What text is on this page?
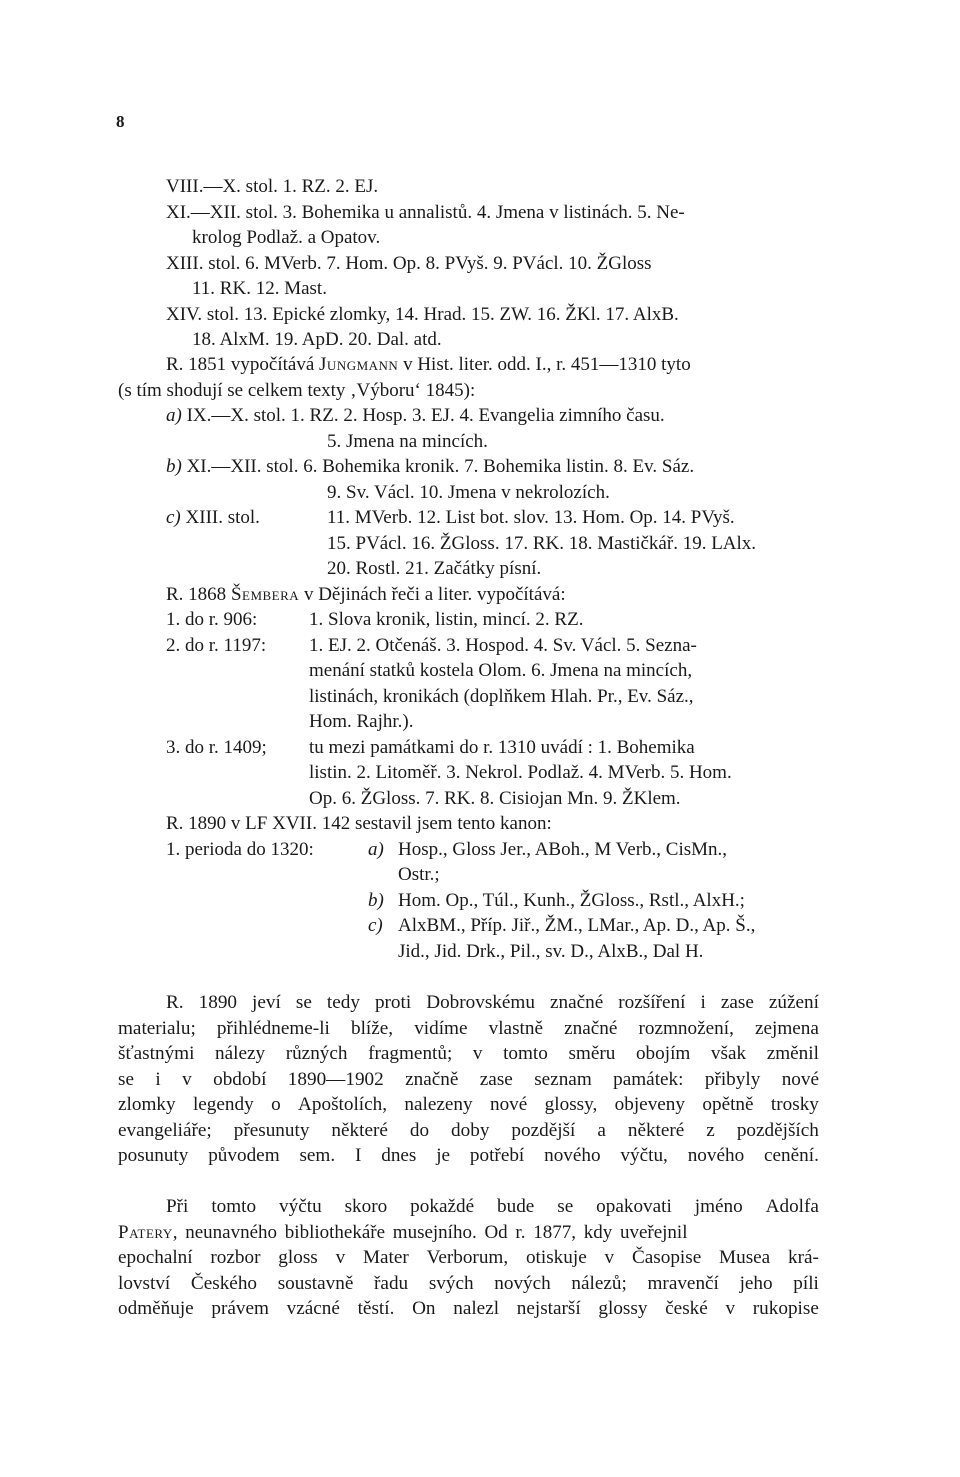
8
VIII.—X. stol. 1. RZ. 2. EJ.
XI.—XII. stol. 3. Bohemika u annalistů. 4. Jmena v listinách. 5. Ne-
krolog Podlaž. a Opatov.
XIII. stol. 6. MVerb. 7. Hom. Op. 8. PVyš. 9. PVácl. 10. ŽGloss
11. RK. 12. Mast.
XIV. stol. 13. Epické zlomky, 14. Hrad. 15. ZW. 16. ŽKl. 17. AlxB.
18. AlxM. 19. ApD. 20. Dal. atd.
R. 1851 vypočítává Jungmann v Hist. liter. odd. I., r. 451—1310 tyto
(s tím shodují se celkem texty ‚Výboru‘ 1845):
a) IX.—X. stol. 1. RZ. 2. Hosp. 3. EJ. 4. Evangelia zimního času.
5. Jmena na mincích.
b) XI.—XII. stol. 6. Bohemika kronik. 7. Bohemika listin. 8. Ev. Sáz.
9. Sv. Václ. 10. Jmena v nekrolozích.
c) XIII. stol.	11. MVerb. 12. List bot. slov. 13. Hom. Op. 14. PVyš.
15. PVácl. 16. ŽGloss. 17. RK. 18. Mastičkář. 19. LAlx.
20. Rostl. 21. Začátky písní.
R. 1868 Šembera v Dějinách řeči a liter. vypočítává:
1. do r. 906:	1. Slova kronik, listin, mincí. 2. RZ.
2. do r. 1197: 1. EJ. 2. Otčenáš. 3. Hospod. 4. Sv. Václ. 5. Sezna-
menání statků kostela Olom. 6. Jmena na mincích,
listinách, kronikách (doplňkem Hlah. Pr., Ev. Sáz.,
Hom. Rajhr.).
3. do r. 1409; tu mezi památkami do r. 1310 uvádí : 1. Bohemika
listin. 2. Litoměř. 3. Nekrol. Podlaž. 4. MVerb. 5. Hom.
Op. 6. ŽGloss. 7. RK. 8. Cisiojan Mn. 9. ŽKlem.
R. 1890 v LF XVII. 142 sestavil jsem tento kanon:
1. perioda do 1320:	a) Hosp., Gloss Jer., ABoh., M Verb., CisMn.,
Ostr.;
b) Hom. Op., Túl., Kunh., ŽGloss., Rstl., AlxH.;
c) AlxBM., Příp. Jiř., ŽM., LMar., Ap. D., Ap. Š.,
Jid., Jid. Drk., Pil., sv. D., AlxB., Dal H.
R. 1890 jeví se tedy proti Dobrovskému značné rozšíření i zase zúžení
materialu; přihlédneme-li blíže, vidíme vlastně značné rozmnožení, zejmena
šťastnými nálezy různých fragmentů; v tomto směru obojím však změnil
se i v období 1890—1902 značně zase seznam památek: přibyly nové
zlomky legendy o Apoštolích, nalezeny nové glossy, objeveny opětně trosky
evangeliáře; přesunuty některé do doby pozdější a některé z pozdějších
posunuty původem sem. I dnes je potřebí nového výčtu, nového cenění.
Při tomto výčtu skoro pokaždé bude se opakovati jméno Adolfa
Patery, neunavného bibliothekáře musejního. Od r. 1877, kdy uveřejnil
epochalní rozbor gloss v Mater Verborum, otiskuje v Časopise Musea krá-
lovství Českého soustavně řadu svých nových nálezů; mravenčí jeho píli
odměňuje právem vzácné těstí. On nalezl nejstarší glossy české v rukopise
